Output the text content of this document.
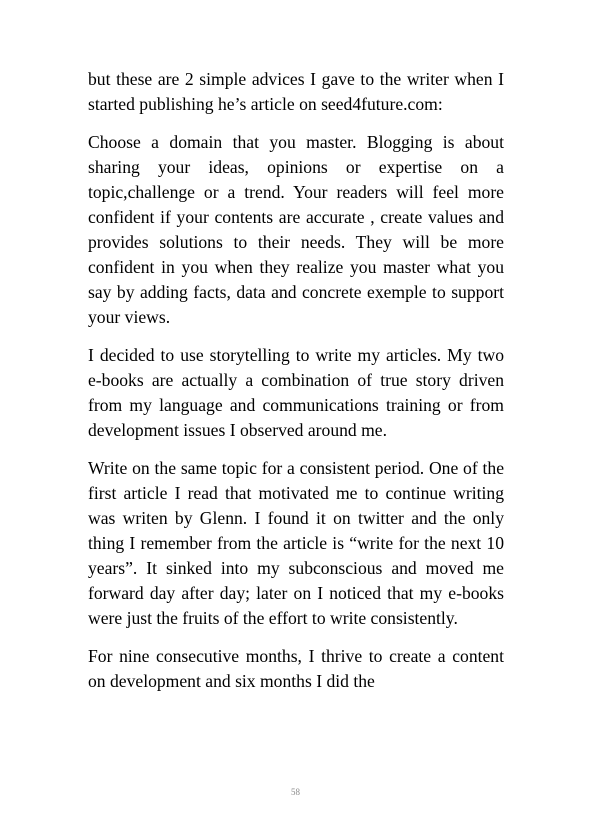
but these are 2 simple advices I gave to the writer when I started publishing he’s article on seed4future.com:

Choose a domain that you master. Blogging is about sharing your ideas, opinions or expertise on a topic,challenge or a trend. Your readers will feel more confident if your contents are accurate , create values and provides solutions to their needs. They will be more confident in you when they realize you master what you say by adding facts, data and concrete exemple to support your views.

I decided to use storytelling to write my articles. My two e-books are actually a combination of true story driven from my language and communications training or from development issues I observed around me.

Write on the same topic for a consistent period. One of the first article I read that motivated me to continue writing was writen by Glenn. I found it on twitter and the only thing I remember from the article is “write for the next 10 years”. It sinked into my subconscious and moved me forward day after day; later on I noticed that my e-books were just the fruits of the effort to write consistently.

For nine consecutive months, I thrive to create a content on development and six months I did the

58
